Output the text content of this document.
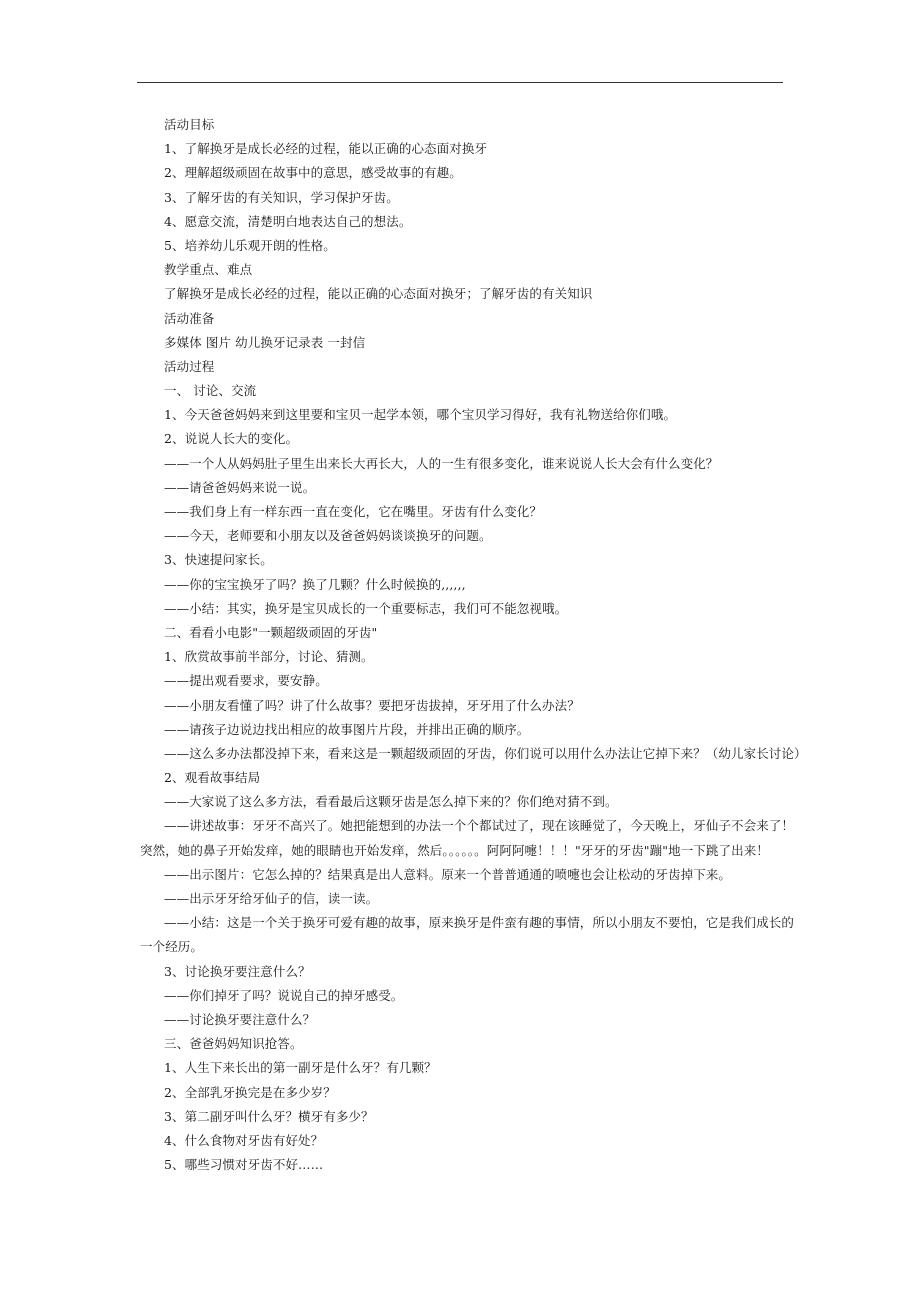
活动目标
1、了解换牙是成长必经的过程，能以正确的心态面对换牙
2、理解超级顽固在故事中的意思，感受故事的有趣。
3、了解牙齿的有关知识，学习保护牙齿。
4、愿意交流，清楚明白地表达自己的想法。
5、培养幼儿乐观开朗的性格。
教学重点、难点
了解换牙是成长必经的过程，能以正确的心态面对换牙；了解牙齿的有关知识
活动准备
多媒体 图片 幼儿换牙记录表 一封信
活动过程
一、 讨论、交流
1、今天爸爸妈妈来到这里要和宝贝一起学本领，哪个宝贝学习得好，我有礼物送给你们哦。
2、说说人长大的变化。
——一个人从妈妈肚子里生出来长大再长大，人的一生有很多变化，谁来说说人长大会有什么变化？
——请爸爸妈妈来说一说。
——我们身上有一样东西一直在变化，它在嘴里。牙齿有什么变化？
——今天，老师要和小朋友以及爸爸妈妈谈谈换牙的问题。
3、快速提问家长。
——你的宝宝换牙了吗？换了几颗？什么时候换的,,,,,,
——小结：其实，换牙是宝贝成长的一个重要标志，我们可不能忽视哦。
二、看看小电影"一颗超级顽固的牙齿"
1、欣赏故事前半部分，讨论、猜测。
——提出观看要求，要安静。
——小朋友看懂了吗？讲了什么故事？要把牙齿拔掉，牙牙用了什么办法？
——请孩子边说边找出相应的故事图片片段，并排出正确的顺序。
——这么多办法都没掉下来，看来这是一颗超级顽固的牙齿，你们说可以用什么办法让它掉下来？（幼儿家长讨论）
2、观看故事结局
——大家说了这么多方法，看看最后这颗牙齿是怎么掉下来的？你们绝对猜不到。
——讲述故事：牙牙不高兴了。她把能想到的办法一个个都试过了，现在该睡觉了，今天晚上，牙仙子不会来了！
突然，她的鼻子开始发痒，她的眼睛也开始发痒，然后。。。。。。阿阿阿嚏！！！"牙牙的牙齿"蹦"地一下跳了出来！
——出示图片：它怎么掉的？结果真是出人意料。原来一个普普通通的喷嚏也会让松动的牙齿掉下来。
——出示牙牙给牙仙子的信，读一读。
——小结：这是一个关于换牙可爱有趣的故事，原来换牙是件蛮有趣的事情，所以小朋友不要怕，它是我们成长的
一个经历。
3、讨论换牙要注意什么？
——你们掉牙了吗？说说自己的掉牙感受。
——讨论换牙要注意什么？
三、爸爸妈妈知识抢答。
1、人生下来长出的第一副牙是什么牙？有几颗？
2、全部乳牙换完是在多少岁？
3、第二副牙叫什么牙？横牙有多少？
4、什么食物对牙齿有好处？
5、哪些习惯对牙齿不好……
